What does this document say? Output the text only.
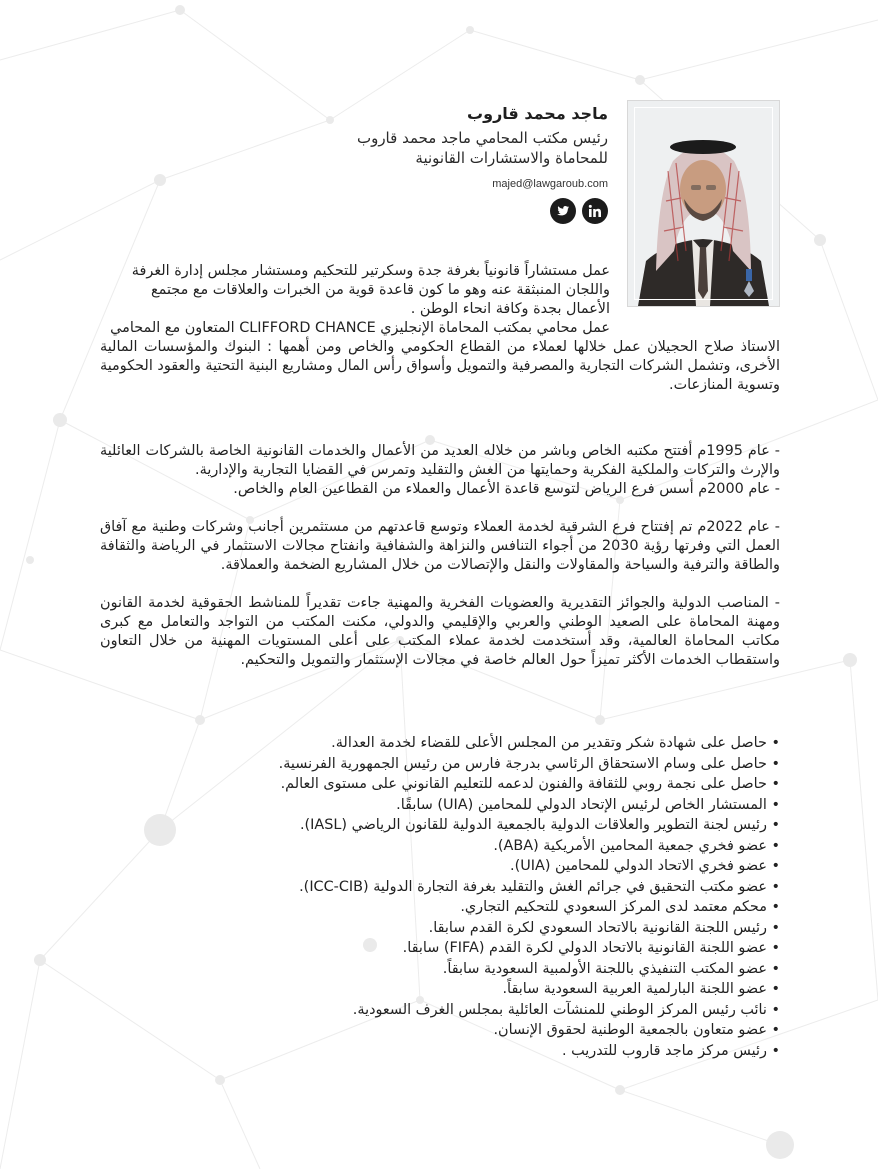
ماجد محمد قاروب
رئيس مكتب المحامي ماجد محمد قاروب
للمحاماة والاستشارات القانونية
majed@lawgaroub.com
عمل مستشاراً قانونياً بغرفة جدة وسكرتير للتحكيم ومستشار مجلس إدارة الغرفة
واللجان المنبثقة عنه وهو ما كون قاعدة قوية من الخبرات والعلاقات مع مجتمع
الأعمال بجدة وكافة انحاء الوطن .
عمل محامي بمكتب المحاماة الإنجليزي CLIFFORD CHANCE المتعاون مع المحامي
الاستاذ صلاح الحجيلان عمل خلالها لعملاء من القطاع الحكومي والخاص ومن أهمها : البنوك والمؤسسات المالية الأخرى، وتشمل الشركات التجارية والمصرفية والتمويل وأسواق رأس المال ومشاريع البنية التحتية والعقود الحكومية وتسوية المنازعات.

- عام 1995م أفتتح مكتبه الخاص وباشر من خلاله العديد من الأعمال والخدمات القانونية الخاصة بالشركات العائلية والإرث والتركات والملكية الفكرية وحمايتها من الغش والتقليد وتمرس في القضايا التجارية والإدارية.

- عام 2000م أسس فرع الرياض لتوسع قاعدة الأعمال والعملاء من القطاعين العام والخاص.

- عام 2022م تم إفتتاح فرع الشرقية لخدمة العملاء وتوسع قاعدتهم من مستثمرين أجانب وشركات وطنية مع آفاق العمل التي وفرتها رؤية 2030 من أجواء التنافس والنزاهة والشفافية وانفتاح مجالات الاستثمار في الرياضة والثقافة والطاقة والترفية والسياحة والمقاولات والنقل والإتصالات من خلال المشاريع الضخمة والعملاقة.

- المناصب الدولية والجوائز التقديرية والعضويات الفخرية والمهنية جاءت تقديراً للمناشط الحقوقية لخدمة القانون ومهنة المحاماة على الصعيد الوطني والعربي والإقليمي والدولي، مكنت المكتب من التواجد والتعامل مع كبرى مكاتب المحاماة العالمية، وقد أستخدمت لخدمة عملاء المكتب على أعلى المستويات المهنية من خلال التعاون واستقطاب الخدمات الأكثر تميزاً حول العالم خاصة في مجالات الإستثمار والتمويل والتحكيم.

• حاصل على شهادة شكر وتقدير من المجلس الأعلى للقضاء لخدمة العدالة.
• حاصل على وسام الاستحقاق الرئاسي بدرجة فارس من رئيس الجمهورية الفرنسية.
• حاصل على نجمة روبي للثقافة والفنون لدعمه للتعليم القانوني على مستوى العالم.
• المستشار الخاص لرئيس الإتحاد الدولي للمحامين (UIA) سابقًا.
• رئيس لجنة التطوير والعلاقات الدولية بالجمعية الدولية للقانون الرياضي (IASL).
• عضو فخري جمعية المحامين الأمريكية (ABA).
• عضو فخري الاتحاد الدولي للمحامين (UIA).
• عضو مكتب التحقيق في جرائم الغش والتقليد بغرفة التجارة الدولية (ICC-CIB).
• محكم معتمد لدى المركز السعودي للتحكيم التجاري.
• رئيس اللجنة القانونية بالاتحاد السعودي لكرة القدم سابقا.
• عضو اللجنة القانونية بالاتحاد الدولي لكرة القدم (FIFA) سابقا.
• عضو المكتب التنفيذي باللجنة الأولمبية السعودية سابقاً.
• عضو اللجنة البارلمية العربية السعودية سابقاً.
• نائب رئيس المركز الوطني للمنشآت العائلية بمجلس الغرف السعودية.
• عضو متعاون بالجمعية الوطنية لحقوق الإنسان.
• رئيس مركز ماجد قاروب للتدريب .
